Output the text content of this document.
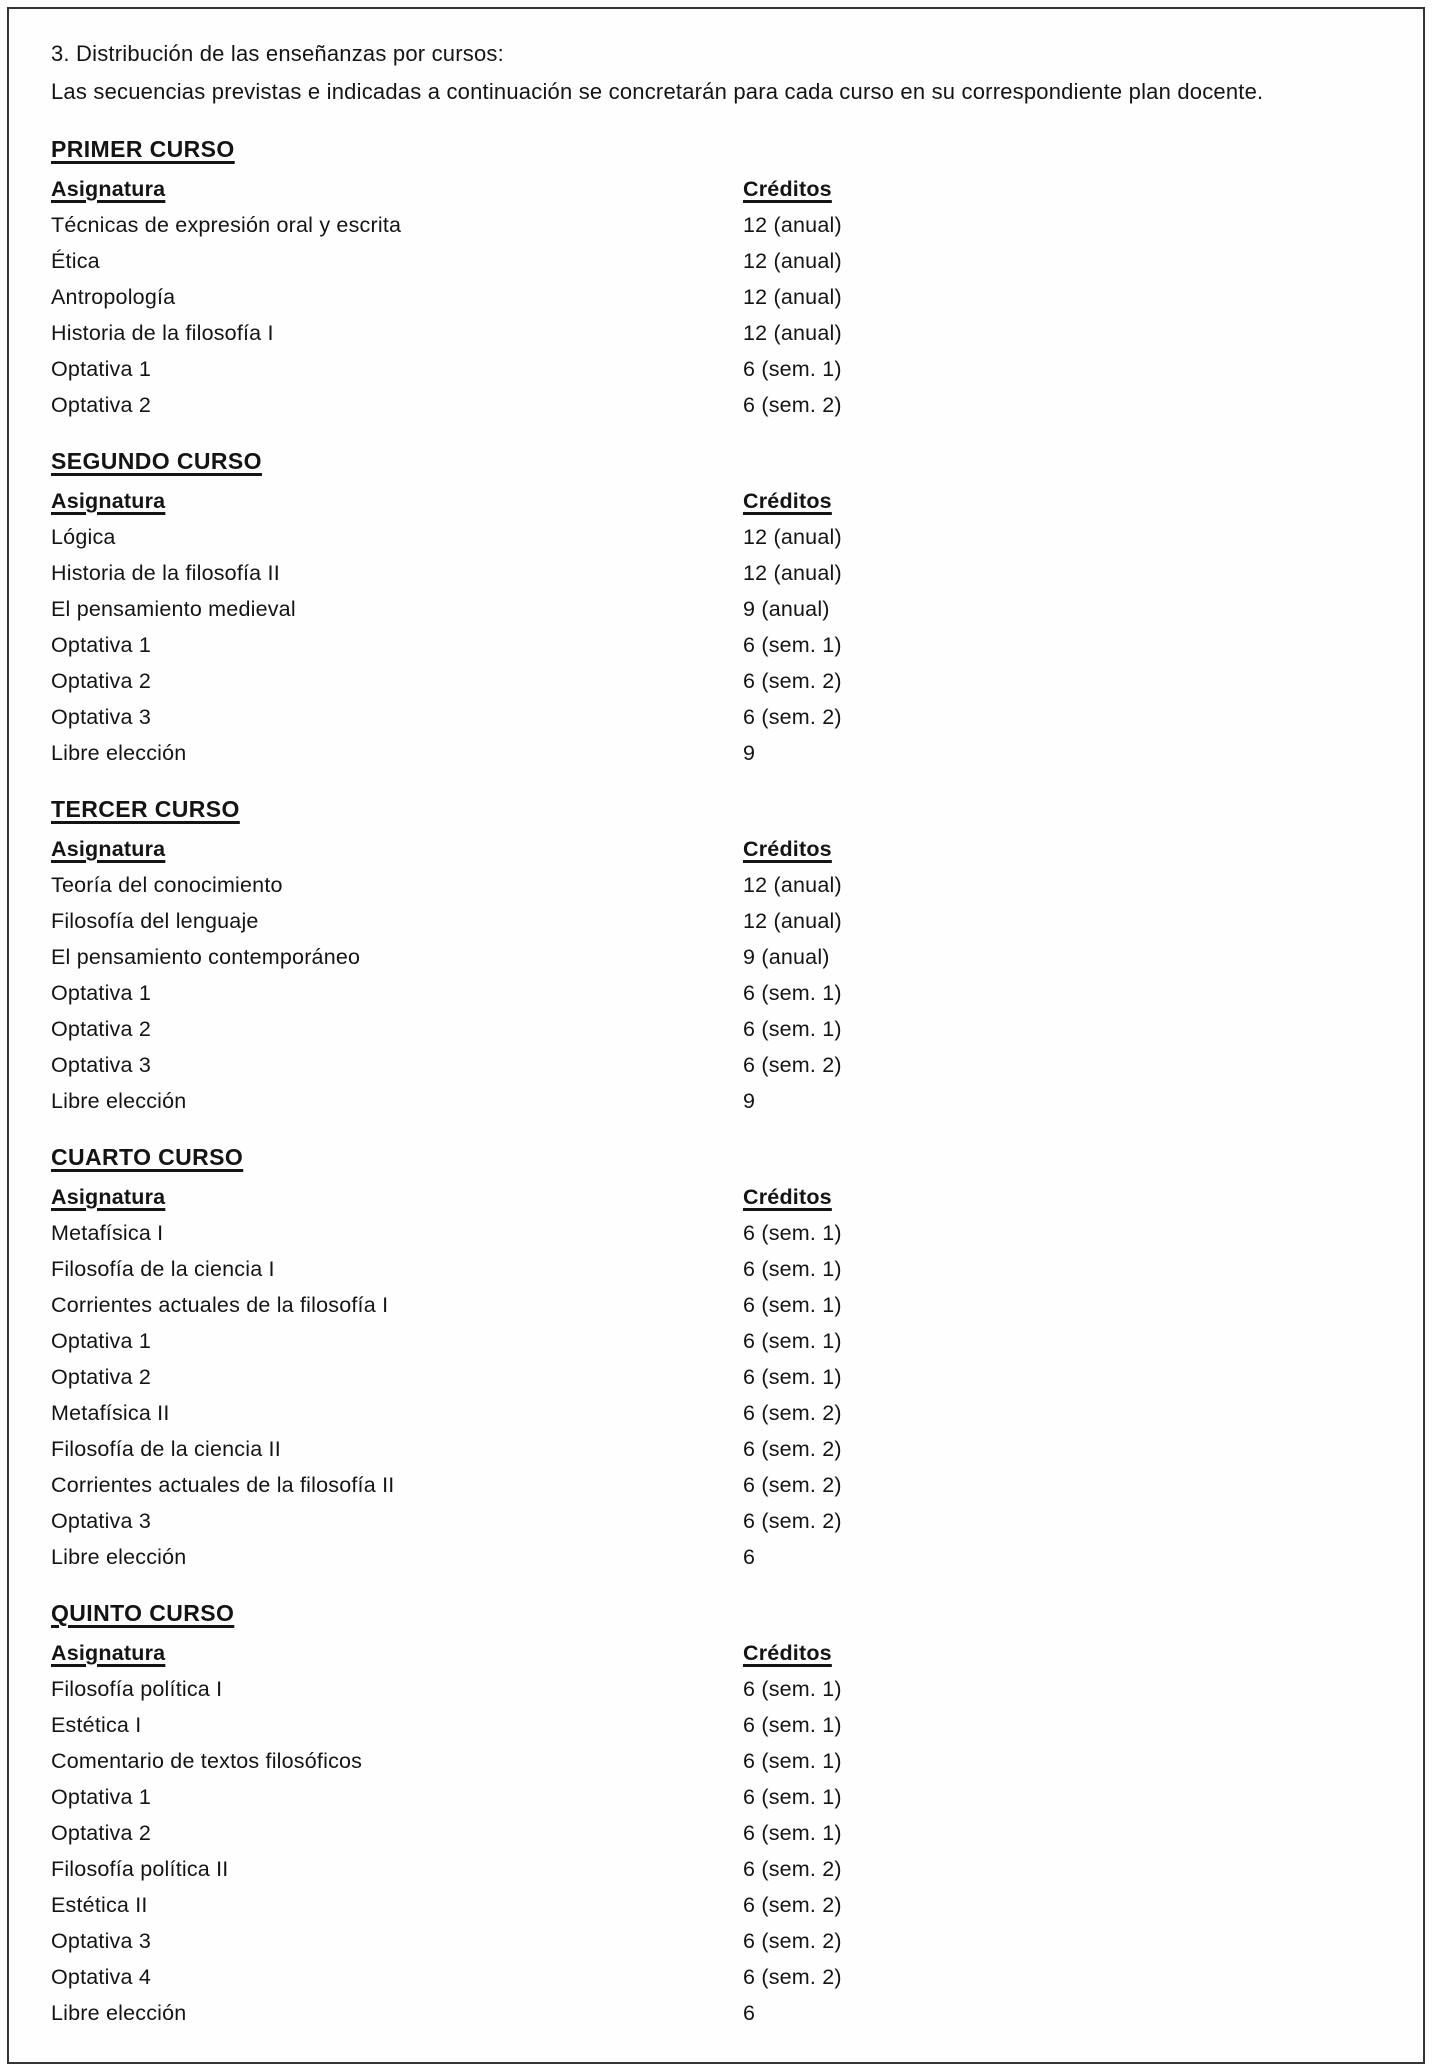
3. Distribución de las enseñanzas por cursos:

Las secuencias previstas e indicadas a continuación se concretarán para cada curso en su correspondiente plan docente.

PRIMER CURSO
Asignatura	Créditos
Técnicas de expresión oral y escrita	12 (anual)
Ética	12 (anual)
Antropología	12 (anual)
Historia de la filosofía I	12 (anual)
Optativa 1	6 (sem. 1)
Optativa 2	6 (sem. 2)
SEGUNDO CURSO
Asignatura	Créditos
Lógica	12 (anual)
Historia de la filosofía II	12 (anual)
El pensamiento medieval	9 (anual)
Optativa 1	6 (sem. 1)
Optativa 2	6 (sem. 2)
Optativa 3	6 (sem. 2)
Libre elección	9
TERCER CURSO
Asignatura	Créditos
Teoría del conocimiento	12 (anual)
Filosofía del lenguaje	12 (anual)
El pensamiento contemporáneo	9 (anual)
Optativa 1	6 (sem. 1)
Optativa 2	6 (sem. 1)
Optativa 3	6 (sem. 2)
Libre elección	9
CUARTO CURSO
Asignatura	Créditos
Metafísica I	6 (sem. 1)
Filosofía de la ciencia I	6 (sem. 1)
Corrientes actuales de la filosofía I	6 (sem. 1)
Optativa 1	6 (sem. 1)
Optativa 2	6 (sem. 1)
Metafísica II	6 (sem. 2)
Filosofía de la ciencia II	6 (sem. 2)
Corrientes actuales de la filosofía II	6 (sem. 2)
Optativa 3	6 (sem. 2)
Libre elección	6
QUINTO CURSO
Asignatura	Créditos
Filosofía política I	6 (sem. 1)
Estética I	6 (sem. 1)
Comentario de textos filosóficos	6 (sem. 1)
Optativa 1	6 (sem. 1)
Optativa 2	6 (sem. 1)
Filosofía política II	6 (sem. 2)
Estética II	6 (sem. 2)
Optativa 3	6 (sem. 2)
Optativa 4	6 (sem. 2)
Libre elección	6
